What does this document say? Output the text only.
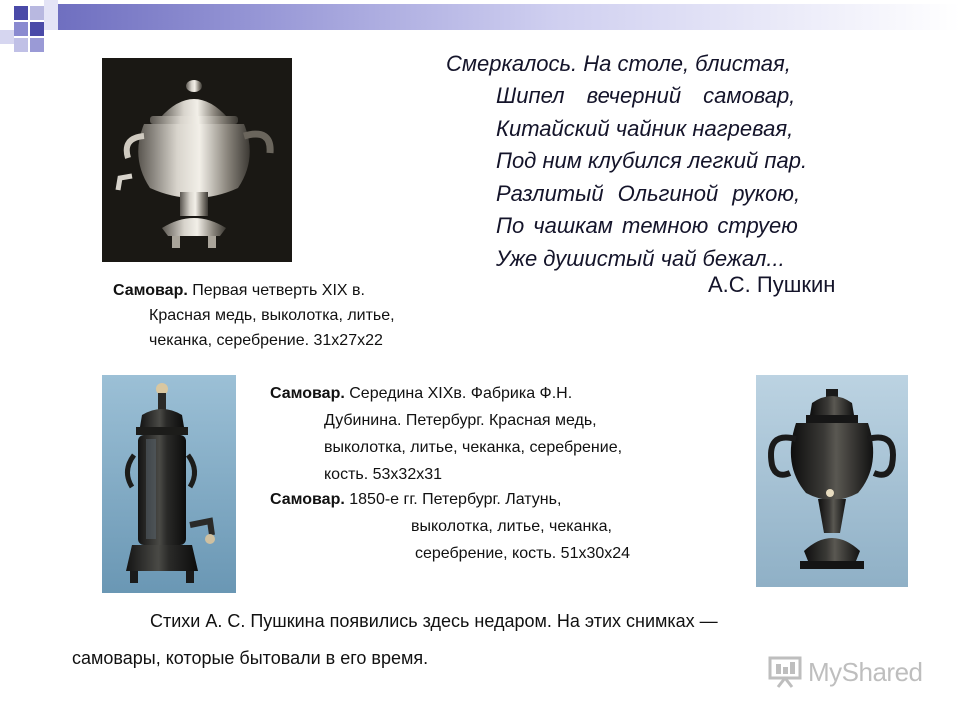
Смеркалось. На столе, блистая,
Шипел вечерний самовар,
Китайский чайник нагревая,
Под ним клубился легкий пар.
Разлитый Ольгиной рукою,
По чашкам темною струею
Уже душистый чай бежал...
А.С. Пушкин
Самовар. Первая четверть XIX в.
Красная медь, выколотка, литье,
чеканка, серебрение. 31х27х22
Самовар. Середина XIXв. Фабрика Ф.Н.
Дубинина. Петербург. Красная медь,
выколотка, литье, чеканка, серебрение,
кость. 53х32х31
Самовар. 1850-е гг. Петербург. Латунь,
выколотка, литье, чеканка,
серебрение, кость. 51х30х24
Стихи А. С. Пушкина появились здесь недаром. На этих снимках —
самовары, которые бытовали в его время.	MyShared
